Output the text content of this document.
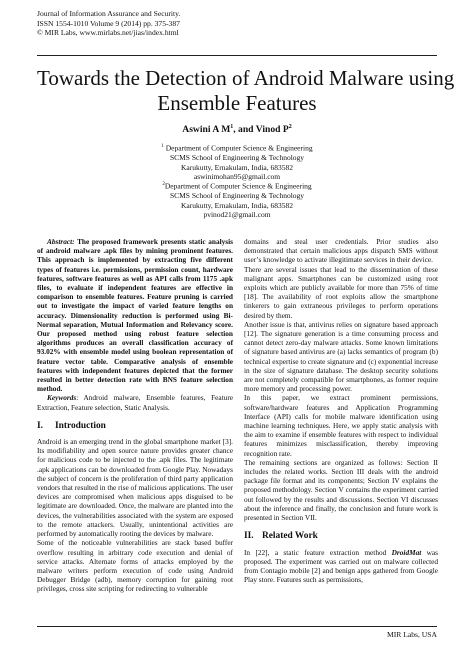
Journal of Information Assurance and Security.
ISSN 1554-1010 Volume 9 (2014) pp. 375-387
© MIR Labs, www.mirlabs.net/jias/index.html
Towards the Detection of Android Malware using
Ensemble Features
Aswini A $M^1$, and Vinod $P^2$
$^1$ Department of Computer Science & Engineering
SCMS School of Engineering & Technology
Karukutty, Ernakulam, India, 683582
aswinimohan95@gmail.com
$^2$Department of Computer Science & Engineering
SCMS School of Engineering & Technology
Karukutty, Ernakulam, India, 683582
pvinod21@gmail.com

Abstract: The proposed framework presents static analysis of android malware .apk files by mining prominent features. This approach is implemented by extracting five different types of features i.e. permissions, permission count, hardware features, software features as well as API calls from 1175 .apk files, to evaluate if independent features are effective in comparison to ensemble features. Feature pruning is carried out to investigate the impact of varied feature lengths on accuracy. Dimensionality reduction is performed using Bi-Normal separation, Mutual Information and Relevancy score. Our proposed method using robust feature selection algorithms produces an overall classification accuracy of 93.02% with ensemble model using boolean representation of feature vector table. Comparative analysis of ensemble features with independent features depicted that the former resulted in better detection rate with BNS feature selection method.

Keywords: Android malware, Ensemble features, Feature Extraction, Feature selection, Static Analysis.

I. Introduction

Android is an emerging trend in the global smartphone market [3]. Its modifiability and open source nature provides greater chance for malicious code to be injected to the .apk files. The legitimate .apk applications can be downloaded from Google Play. Nowadays the subject of concern is the proliferation of third party application vendors that resulted in the rise of malicious applications. The user devices are compromised when malicious apps disguised to be legitimate are downloaded. Once, the malware are planted into the devices, the vulnerabilities associated with the system are exposed to the remote attackers. Usually, unintentional activities are performed by automatically rooting the devices by malware.

Some of the noticeable vulnerabilities are stack based buffer overflow resulting in arbitrary code execution and denial of service attacks. Alternate forms of attacks employed by the malware writers perform execution of code using Android Debugger Bridge (adb), memory corruption for gaining root privileges, cross site scripting for redirecting to vulnerable

domains and steal user credentials. Prior studies also demonstrated that certain malicious apps dispatch SMS without user’s knowledge to activate illegitimate services in their device.

There are several issues that lead to the dissemination of these malignant apps. Smartphones can be customized using root exploits which are publicly available for more than 75% of time [18]. The availability of root exploits allow the smartphone tinkerers to gain extraneous privileges to perform operations desired by them.

Another issue is that, antivirus relies on signature based approach [12]. The signature generation is a time consuming process and cannot detect zero-day malware attacks. Some known limitations of signature based antivirus are (a) lacks semantics of program (b) technical expertise to create signature and (c) exponential increase in the size of signature database. The desktop security solutions are not completely compatible for smartphones, as former require more memory and processing power.

In this paper, we extract prominent permissions, software/hardware features and Application Programming Interface (API) calls for mobile malware identification using machine learning techniques. Here, we apply static analysis with the aim to examine if ensemble features with respect to individual features minimizes misclassification, thereby improving recognition rate.

The remaining sections are organized as follows: Section II includes the related works. Section III deals with the android package file format and its components; Section IV explains the proposed methodology. Section V contains the experiment carried out followed by the results and discussions. Section VI discusses about the inference and finally, the conclusion and future work is presented in Section VII.

II. Related Work

In [22], a static feature extraction method DroidMat was proposed. The experiment was carried out on malware collected from Contagio mobile [2] and benign apps gathered from Google Play store. Features such as permissions,

MIR Labs, USA
